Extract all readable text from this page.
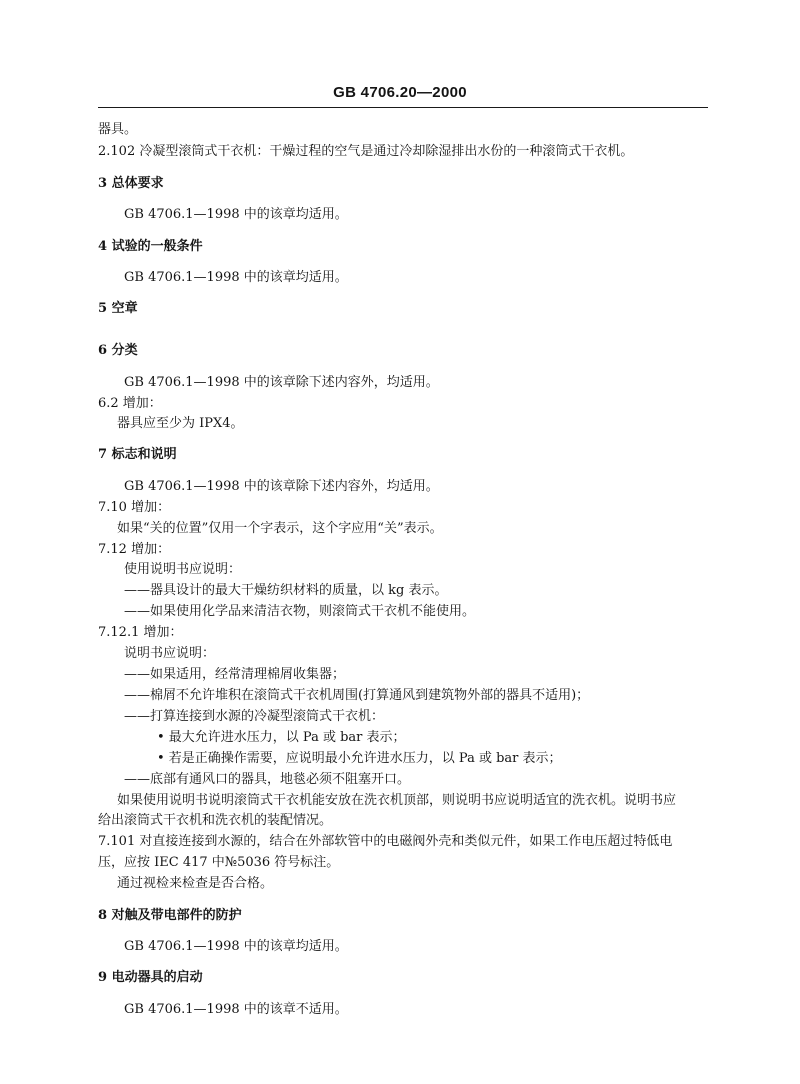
GB 4706.20—2000
器具。
2.102 冷凝型滚筒式干衣机：干燥过程的空气是通过冷却除湿排出水份的一种滚筒式干衣机。
3 总体要求
GB 4706.1—1998 中的该章均适用。
4 试验的一般条件
GB 4706.1—1998 中的该章均适用。
5 空章
6 分类
GB 4706.1—1998 中的该章除下述内容外，均适用。
6.2 增加：
器具应至少为 IPX4。
7 标志和说明
GB 4706.1—1998 中的该章除下述内容外，均适用。
7.10 增加：
如果“关的位置”仅用一个字表示，这个字应用“关”表示。
7.12 增加：
使用说明书应说明：
——器具设计的最大干燥纺织材料的质量，以 kg 表示。
——如果使用化学品来清洁衣物，则滚筒式干衣机不能使用。
7.12.1 增加：
说明书应说明：
——如果适用，经常清理棉屑收集器；
——棉屑不允许堆积在滚筒式干衣机周围(打算通风到建筑物外部的器具不适用)；
——打算连接到水源的冷凝型滚筒式干衣机：
• 最大允许进水压力，以 Pa 或 bar 表示；
• 若是正确操作需要，应说明最小允许进水压力，以 Pa 或 bar 表示；
——底部有通风口的器具，地毯必须不阻塞开口。
如果使用说明书说明滚筒式干衣机能安放在洗衣机顶部，则说明书应说明适宜的洗衣机。说明书应
给出滚筒式干衣机和洗衣机的装配情况。
7.101 对直接连接到水源的，结合在外部软管中的电磁阀外壳和类似元件，如果工作电压超过特低电
压，应按 IEC 417 中№5036 符号标注。
通过视检来检查是否合格。
8 对触及带电部件的防护
GB 4706.1—1998 中的该章均适用。
9 电动器具的启动
GB 4706.1—1998 中的该章不适用。
